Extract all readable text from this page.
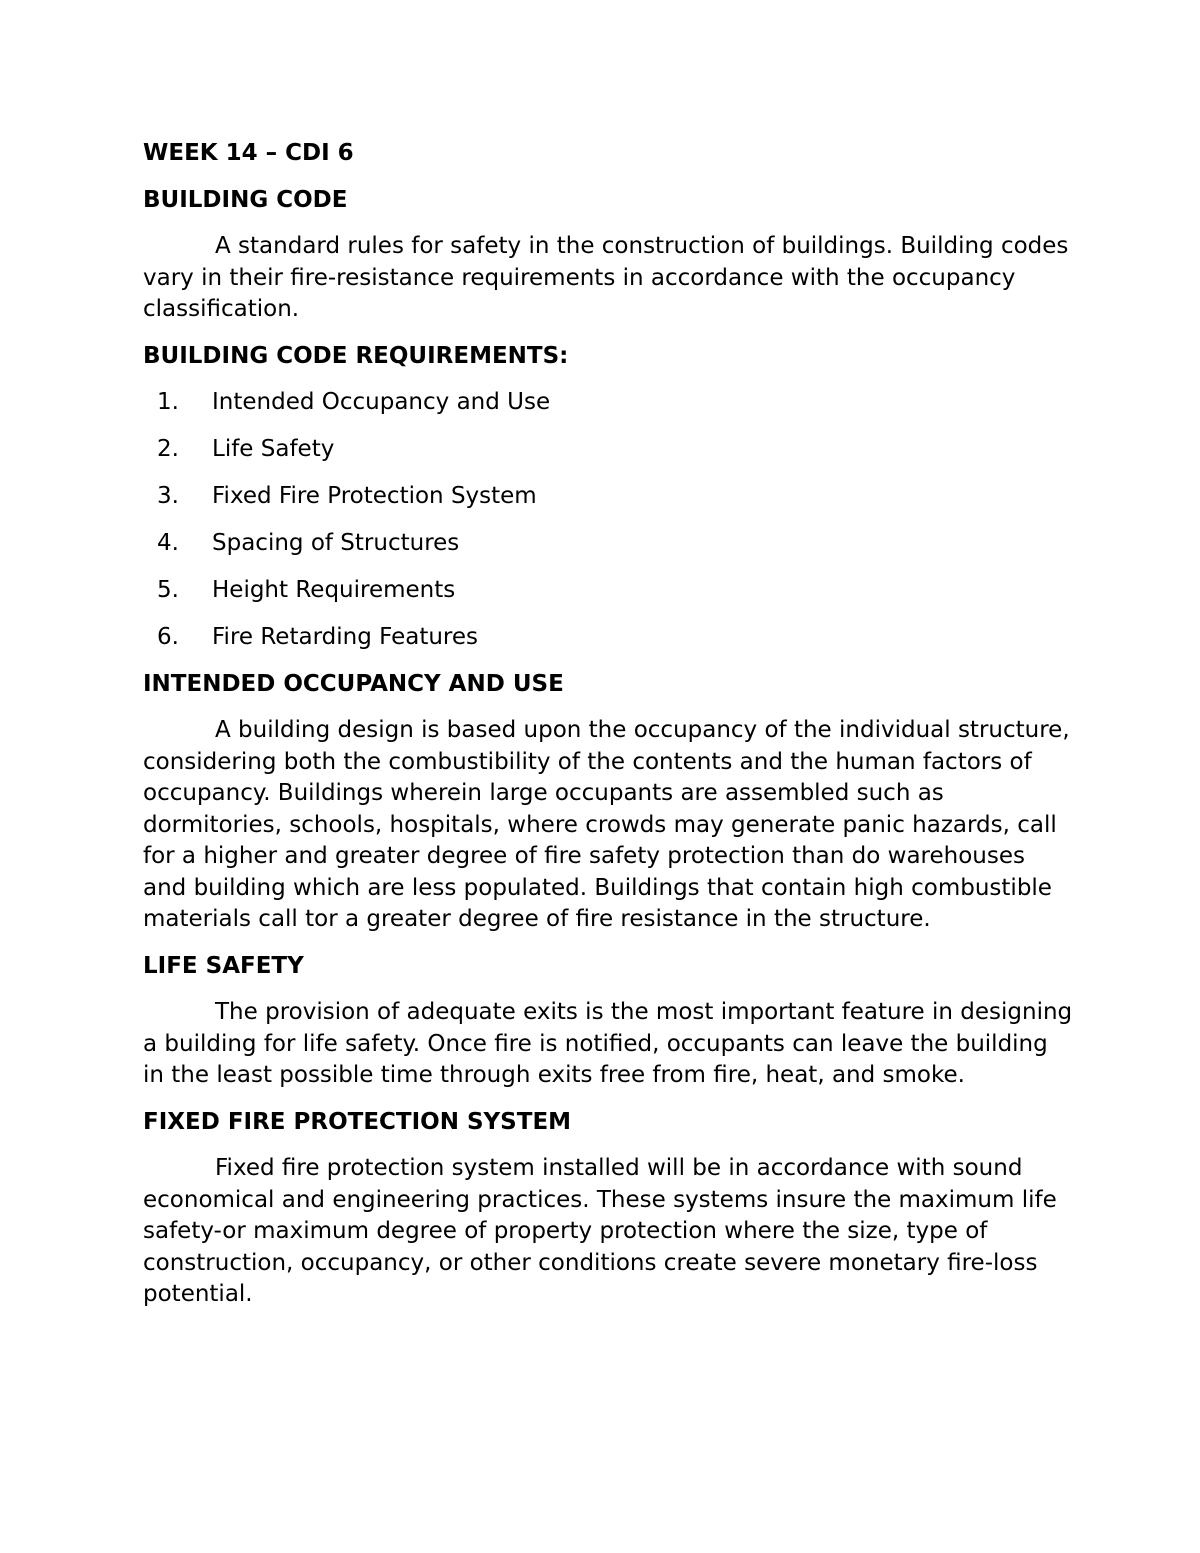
WEEK 14 – CDI 6
BUILDING CODE

A standard rules for safety in the construction of buildings. Building codes vary in their fire-resistance requirements in accordance with the occupancy classification.

BUILDING CODE REQUIREMENTS:
1.	Intended Occupancy and Use
2.	Life Safety
3.	Fixed Fire Protection System
4.	Spacing of Structures
5.	Height Requirements
6.	Fire Retarding Features
INTENDED OCCUPANCY AND USE

A building design is based upon the occupancy of the individual structure, considering both the combustibility of the contents and the human factors of occupancy. Buildings wherein large occupants are assembled such as dormitories, schools, hospitals, where crowds may generate panic hazards, call for a higher and greater degree of fire safety protection than do warehouses and building which are less populated. Buildings that contain high combustible materials call tor a greater degree of fire resistance in the structure.

LIFE SAFETY

The provision of adequate exits is the most important feature in designing a building for life safety. Once fire is notified, occupants can leave the building in the least possible time through exits free from fire, heat, and smoke.

FIXED FIRE PROTECTION SYSTEM

Fixed fire protection system installed will be in accordance with sound economical and engineering practices. These systems insure the maximum life safety-or maximum degree of property protection where the size, type of construction, occupancy, or other conditions create severe monetary fire-loss potential.
